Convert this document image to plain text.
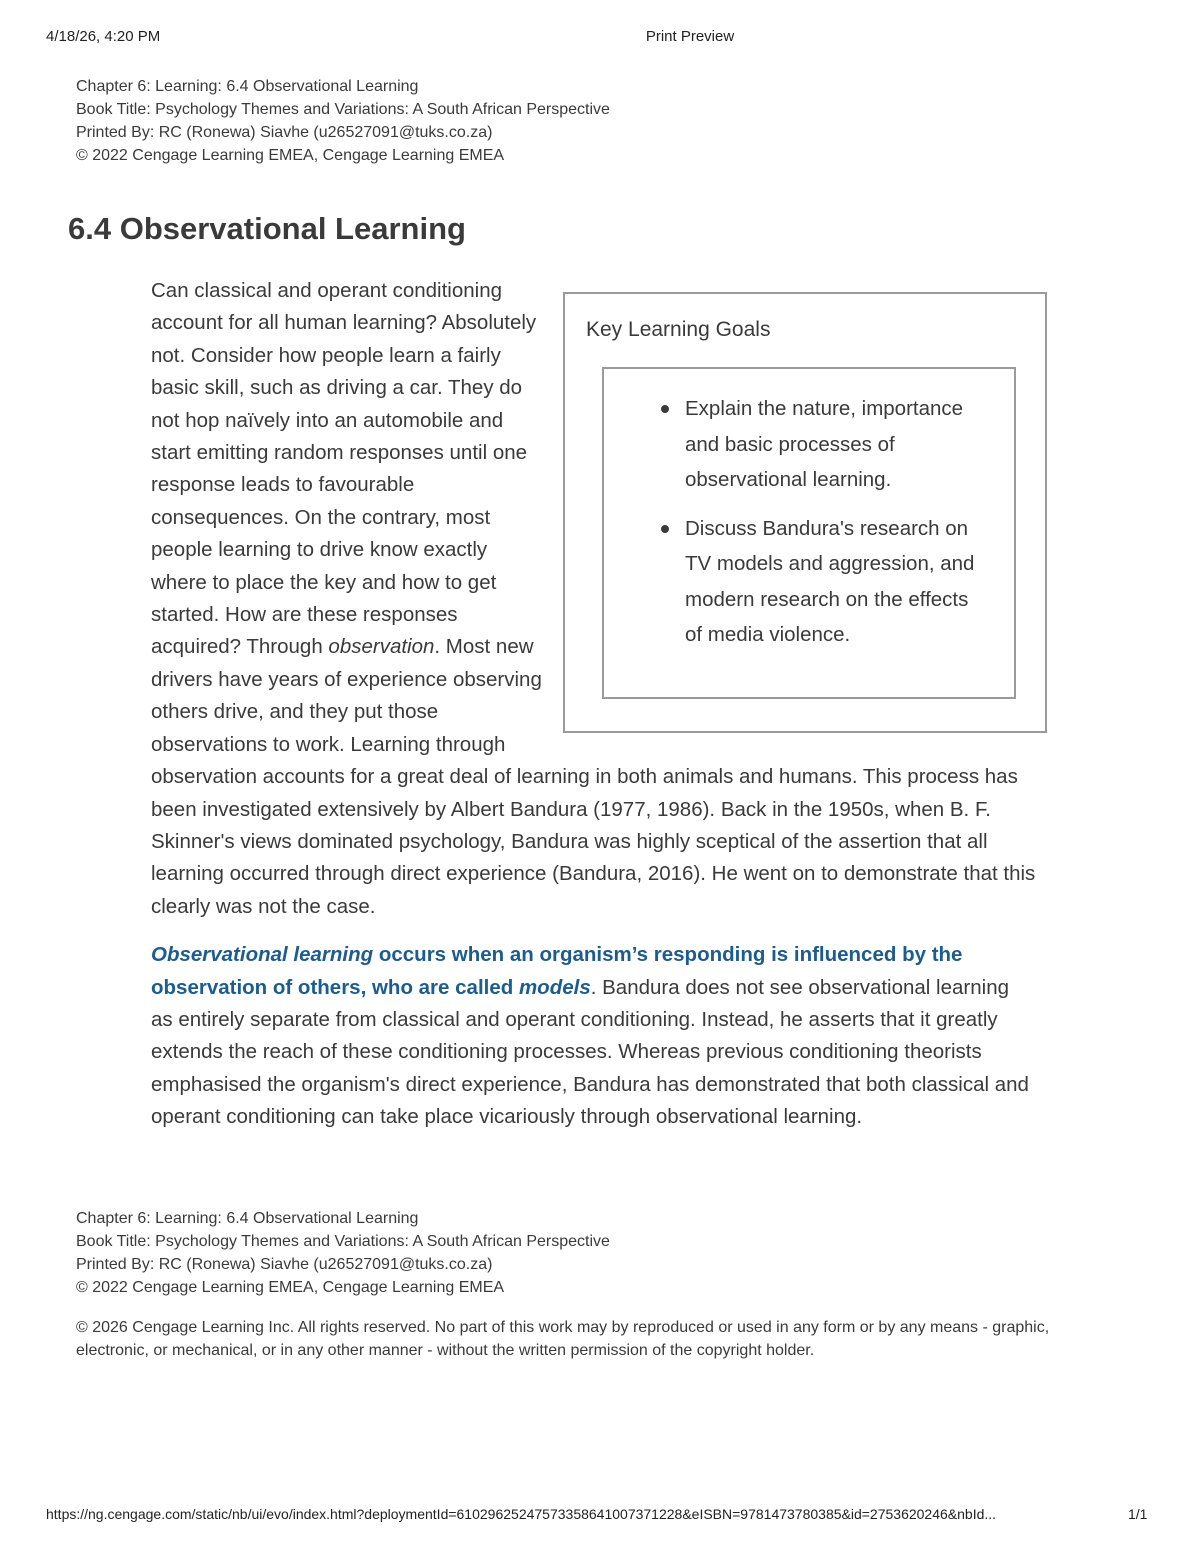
4/18/26, 4:20 PM	Print Preview
Chapter 6: Learning: 6.4 Observational Learning
Book Title: Psychology Themes and Variations: A South African Perspective
Printed By: RC (Ronewa) Siavhe (u26527091@tuks.co.za)
© 2022 Cengage Learning EMEA, Cengage Learning EMEA
6.4 Observational Learning
Key Learning Goals
Explain the nature, importance and basic processes of observational learning.
Discuss Bandura's research on TV models and aggression, and modern research on the effects of media violence.

Can classical and operant conditioning account for all human learning? Absolutely not. Consider how people learn a fairly basic skill, such as driving a car. They do not hop naïvely into an automobile and start emitting random responses until one response leads to favourable consequences. On the contrary, most people learning to drive know exactly where to place the key and how to get started. How are these responses acquired? Through observation. Most new drivers have years of experience observing others drive, and they put those observations to work. Learning through observation accounts for a great deal of learning in both animals and humans. This process has been investigated extensively by Albert Bandura (1977, 1986). Back in the 1950s, when B. F. Skinner's views dominated psychology, Bandura was highly sceptical of the assertion that all learning occurred through direct experience (Bandura, 2016). He went on to demonstrate that this clearly was not the case.

Observational learning occurs when an organism’s responding is influenced by the observation of others, who are called models. Bandura does not see observational learning as entirely separate from classical and operant conditioning. Instead, he asserts that it greatly extends the reach of these conditioning processes. Whereas previous conditioning theorists emphasised the organism's direct experience, Bandura has demonstrated that both classical and operant conditioning can take place vicariously through observational learning.

Chapter 6: Learning: 6.4 Observational Learning
Book Title: Psychology Themes and Variations: A South African Perspective
Printed By: RC (Ronewa) Siavhe (u26527091@tuks.co.za)
© 2022 Cengage Learning EMEA, Cengage Learning EMEA
© 2026 Cengage Learning Inc. All rights reserved. No part of this work may by reproduced or used in any form or by any means - graphic, electronic, or mechanical, or in any other manner - without the written permission of the copyright holder.
https://ng.cengage.com/static/nb/ui/evo/index.html?deploymentId=61029625247573358641007371228&eISBN=9781473780385&id=2753620246&nbId...	1/1
